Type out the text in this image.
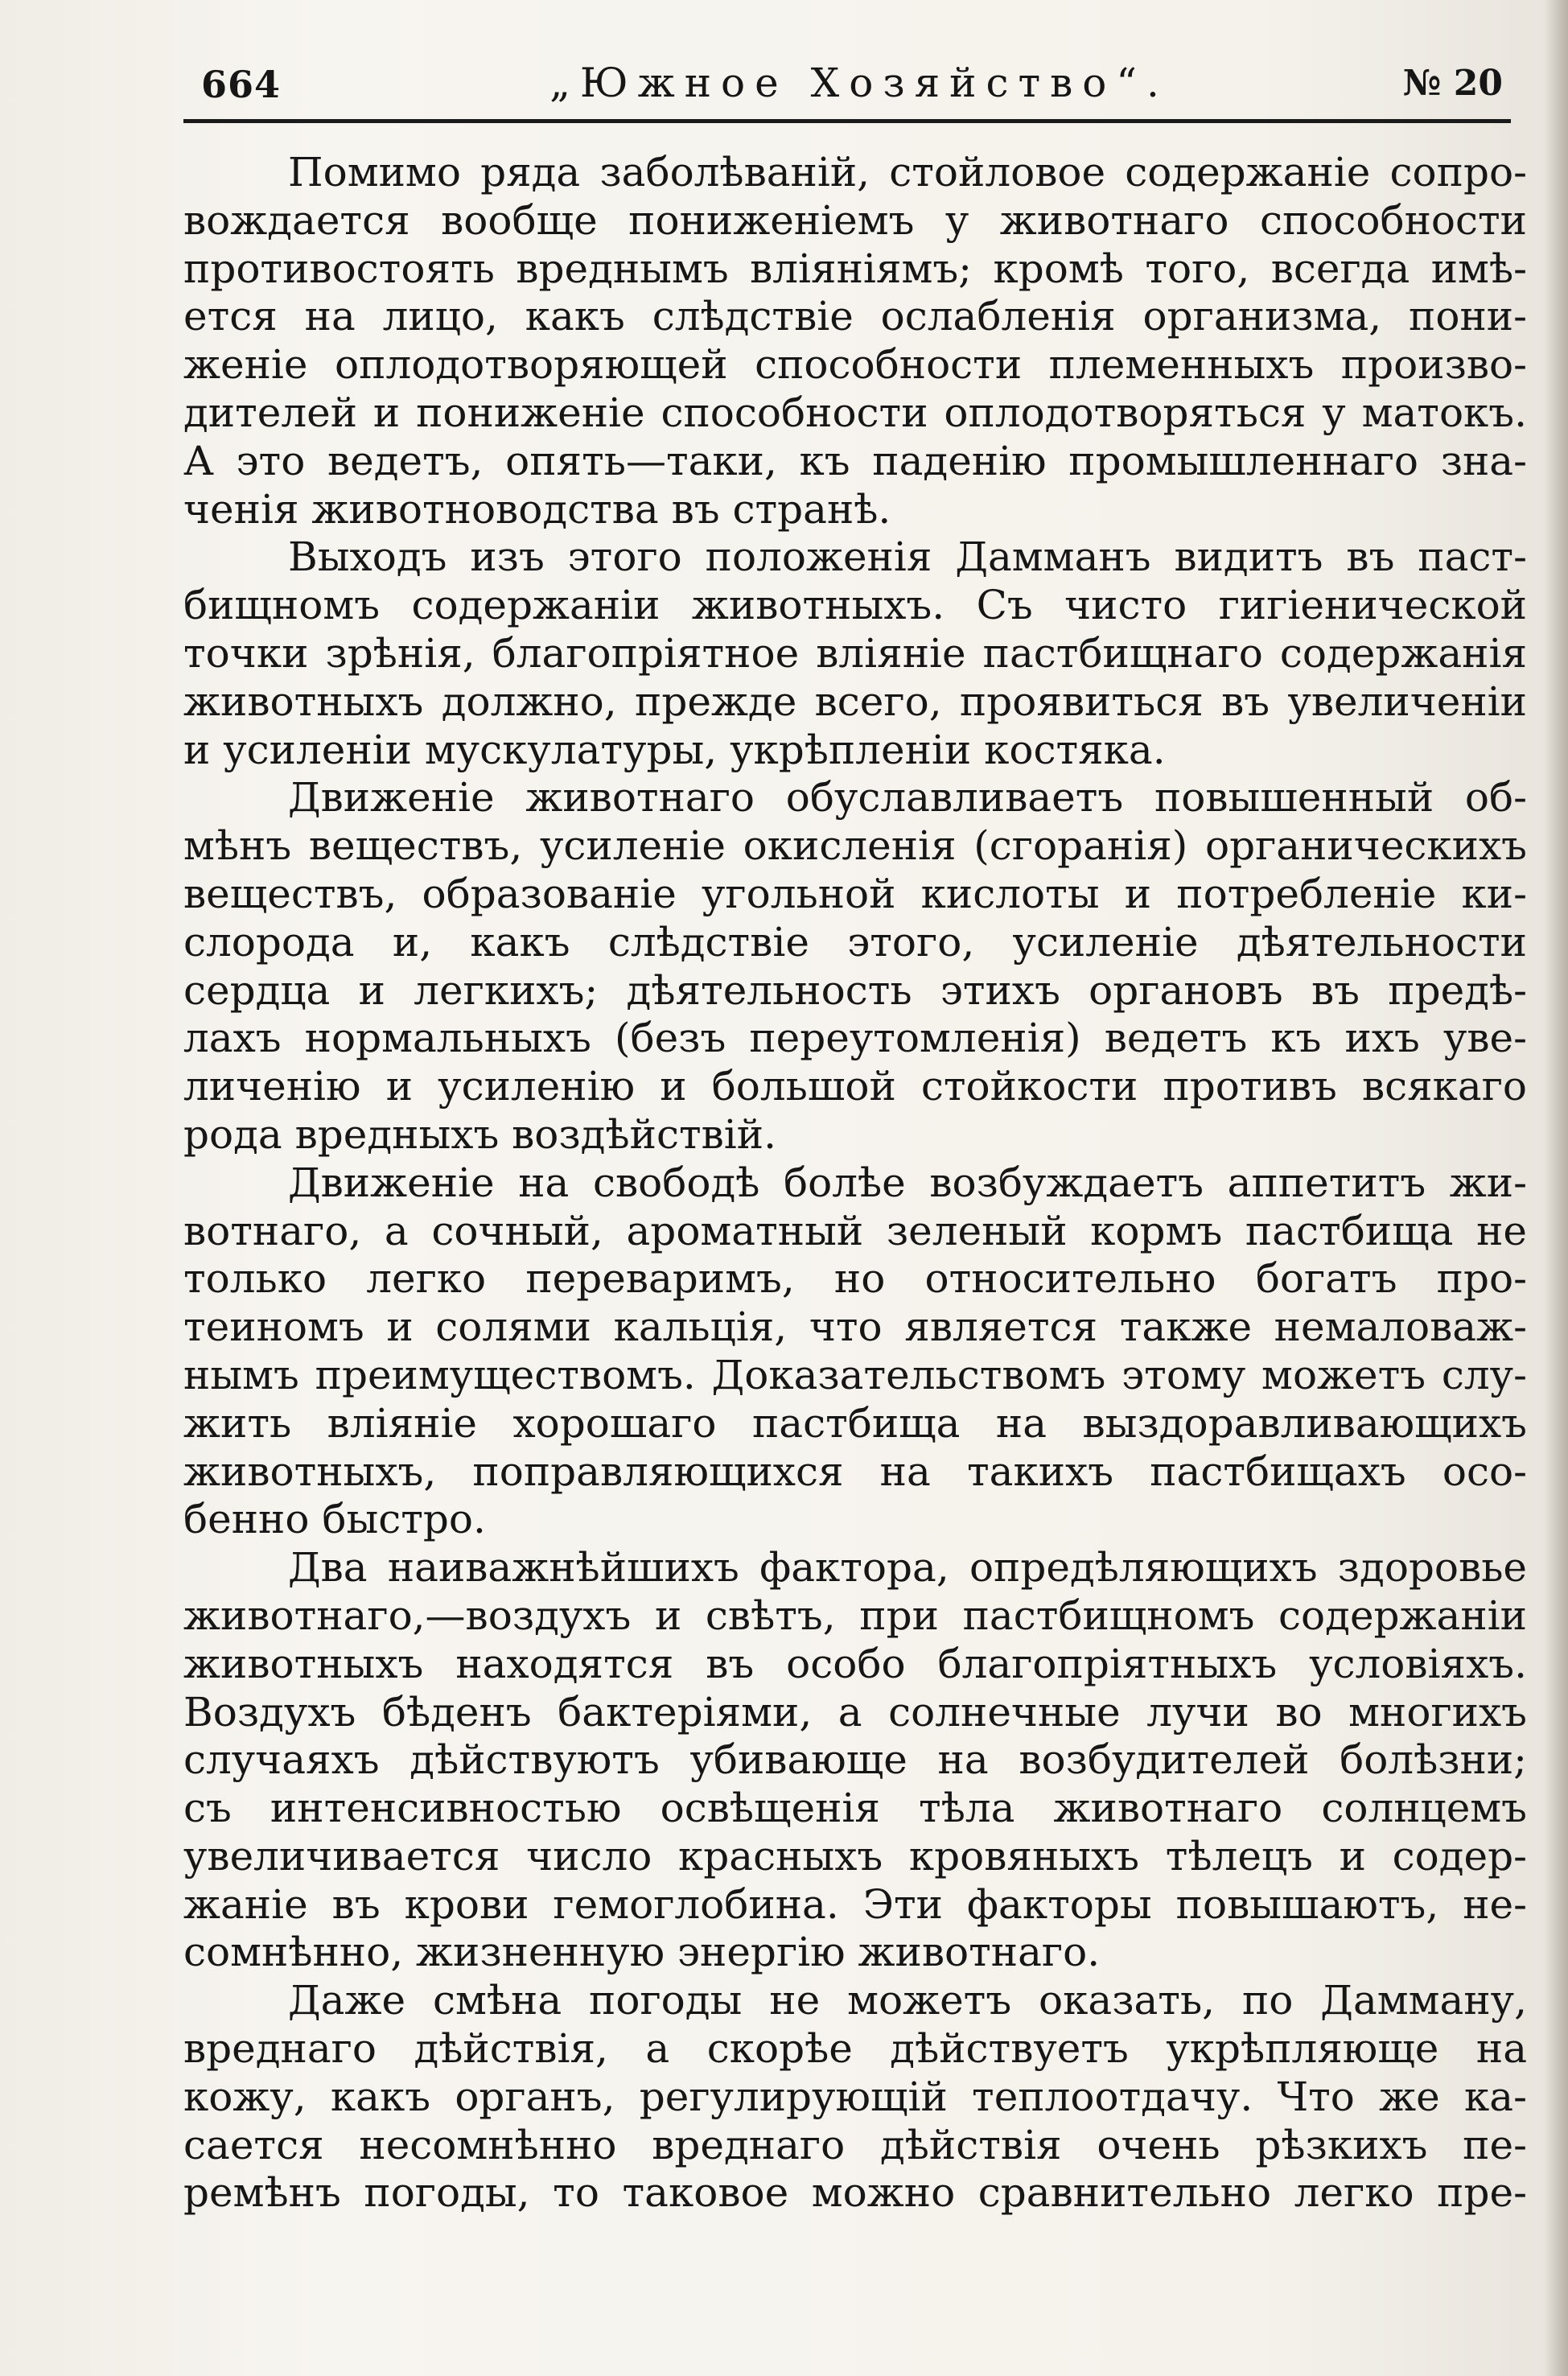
664	„Южное Хозяйство“.	№ 20
Помимо ряда заболѣваній, стойловое содержаніе сопро-
вождается вообще пониженіемъ у животнаго способности
противостоять вреднымъ вліяніямъ; кромѣ того, всегда имѣ-
ется на лицо, какъ слѣдствіе ослабленія организма, пони-
женіе оплодотворяющей способности племенныхъ произво-
дителей и пониженіе способности оплодотворяться у матокъ.
А это ведетъ, опять—таки, къ паденію промышленнаго зна-
ченія животноводства въ странѣ.
Выходъ изъ этого положенія Дамманъ видитъ въ паст-
бищномъ содержаніи животныхъ. Съ чисто гигіенической
точки зрѣнія, благопріятное вліяніе пастбищнаго содержанія
животныхъ должно, прежде всего, проявиться въ увеличеніи
и усиленіи мускулатуры, укрѣпленіи костяка.
Движеніе животнаго обуславливаетъ повышенный об-
мѣнъ веществъ, усиленіе окисленія (сгоранія) органическихъ
веществъ, образованіе угольной кислоты и потребленіе ки-
слорода и, какъ слѣдствіе этого, усиленіе дѣятельности
сердца и легкихъ; дѣятельность этихъ органовъ въ предѣ-
лахъ нормальныхъ (безъ переутомленія) ведетъ къ ихъ уве-
личенію и усиленію и большой стойкости противъ всякаго
рода вредныхъ воздѣйствій.
Движеніе на свободѣ болѣе возбуждаетъ аппетитъ жи-
вотнаго, а сочный, ароматный зеленый кормъ пастбища не
только легко переваримъ, но относительно богатъ про-
теиномъ и солями кальція, что является также немаловаж-
нымъ преимуществомъ. Доказательствомъ этому можетъ слу-
жить вліяніе хорошаго пастбища на выздоравливающихъ
животныхъ, поправляющихся на такихъ пастбищахъ осо-
бенно быстро.
Два наиважнѣйшихъ фактора, опредѣляющихъ здоровье
животнаго,—воздухъ и свѣтъ, при пастбищномъ содержаніи
животныхъ находятся въ особо благопріятныхъ условіяхъ.
Воздухъ бѣденъ бактеріями, а солнечные лучи во многихъ
случаяхъ дѣйствуютъ убивающе на возбудителей болѣзни;
съ интенсивностью освѣщенія тѣла животнаго солнцемъ
увеличивается число красныхъ кровяныхъ тѣлецъ и содер-
жаніе въ крови гемоглобина. Эти факторы повышаютъ, не-
сомнѣнно, жизненную энергію животнаго.
Даже смѣна погоды не можетъ оказать, по Дамману,
вреднаго дѣйствія, а скорѣе дѣйствуетъ укрѣпляюще на
кожу, какъ органъ, регулирующій теплоотдачу. Что же ка-
сается несомнѣнно вреднаго дѣйствія очень рѣзкихъ пе-
ремѣнъ погоды, то таковое можно сравнительно легко пре-
